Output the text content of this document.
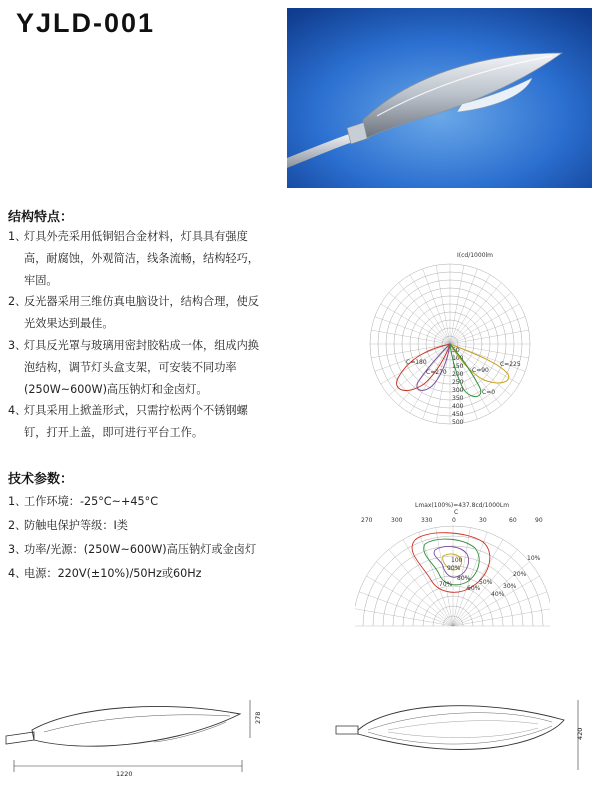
YJLD-001
结构特点：

1、灯具外壳采用低铜铝合金材料，灯具具有强度

高，耐腐蚀，外观简洁，线条流畅，结构轻巧，

牢固。

2、反光器采用三维仿真电脑设计，结构合理，使反

光效果达到最佳。

3、灯具反光罩与玻璃用密封胶粘成一体，组成内换

泡结构，调节灯头盒支架，可安装不同功率

(250W~600W)高压钠灯和金卤灯。

4、灯具采用上掀盖形式，只需拧松两个不锈钢螺

钉，打开上盖，即可进行平台工作。

技术参数：

1、工作环境：-25°C~+45°C

2、防触电保护等级：I类

3、功率/光源：(250W~600W)高压钠灯或金卤灯

4、电源：220V(±10%)/50Hz或60Hz

I(cd/1000lm
50
100
150
200
250
300
350
400
450
500
C=180
C=270	C=90
C=0
C=225
Lmax(100%)=437.8cd/1000Lm
C
270	300	330	0	30	60	90
90%
100
80%
70%
60%
50%
40%
30%
20%
10%
1220
278
420
